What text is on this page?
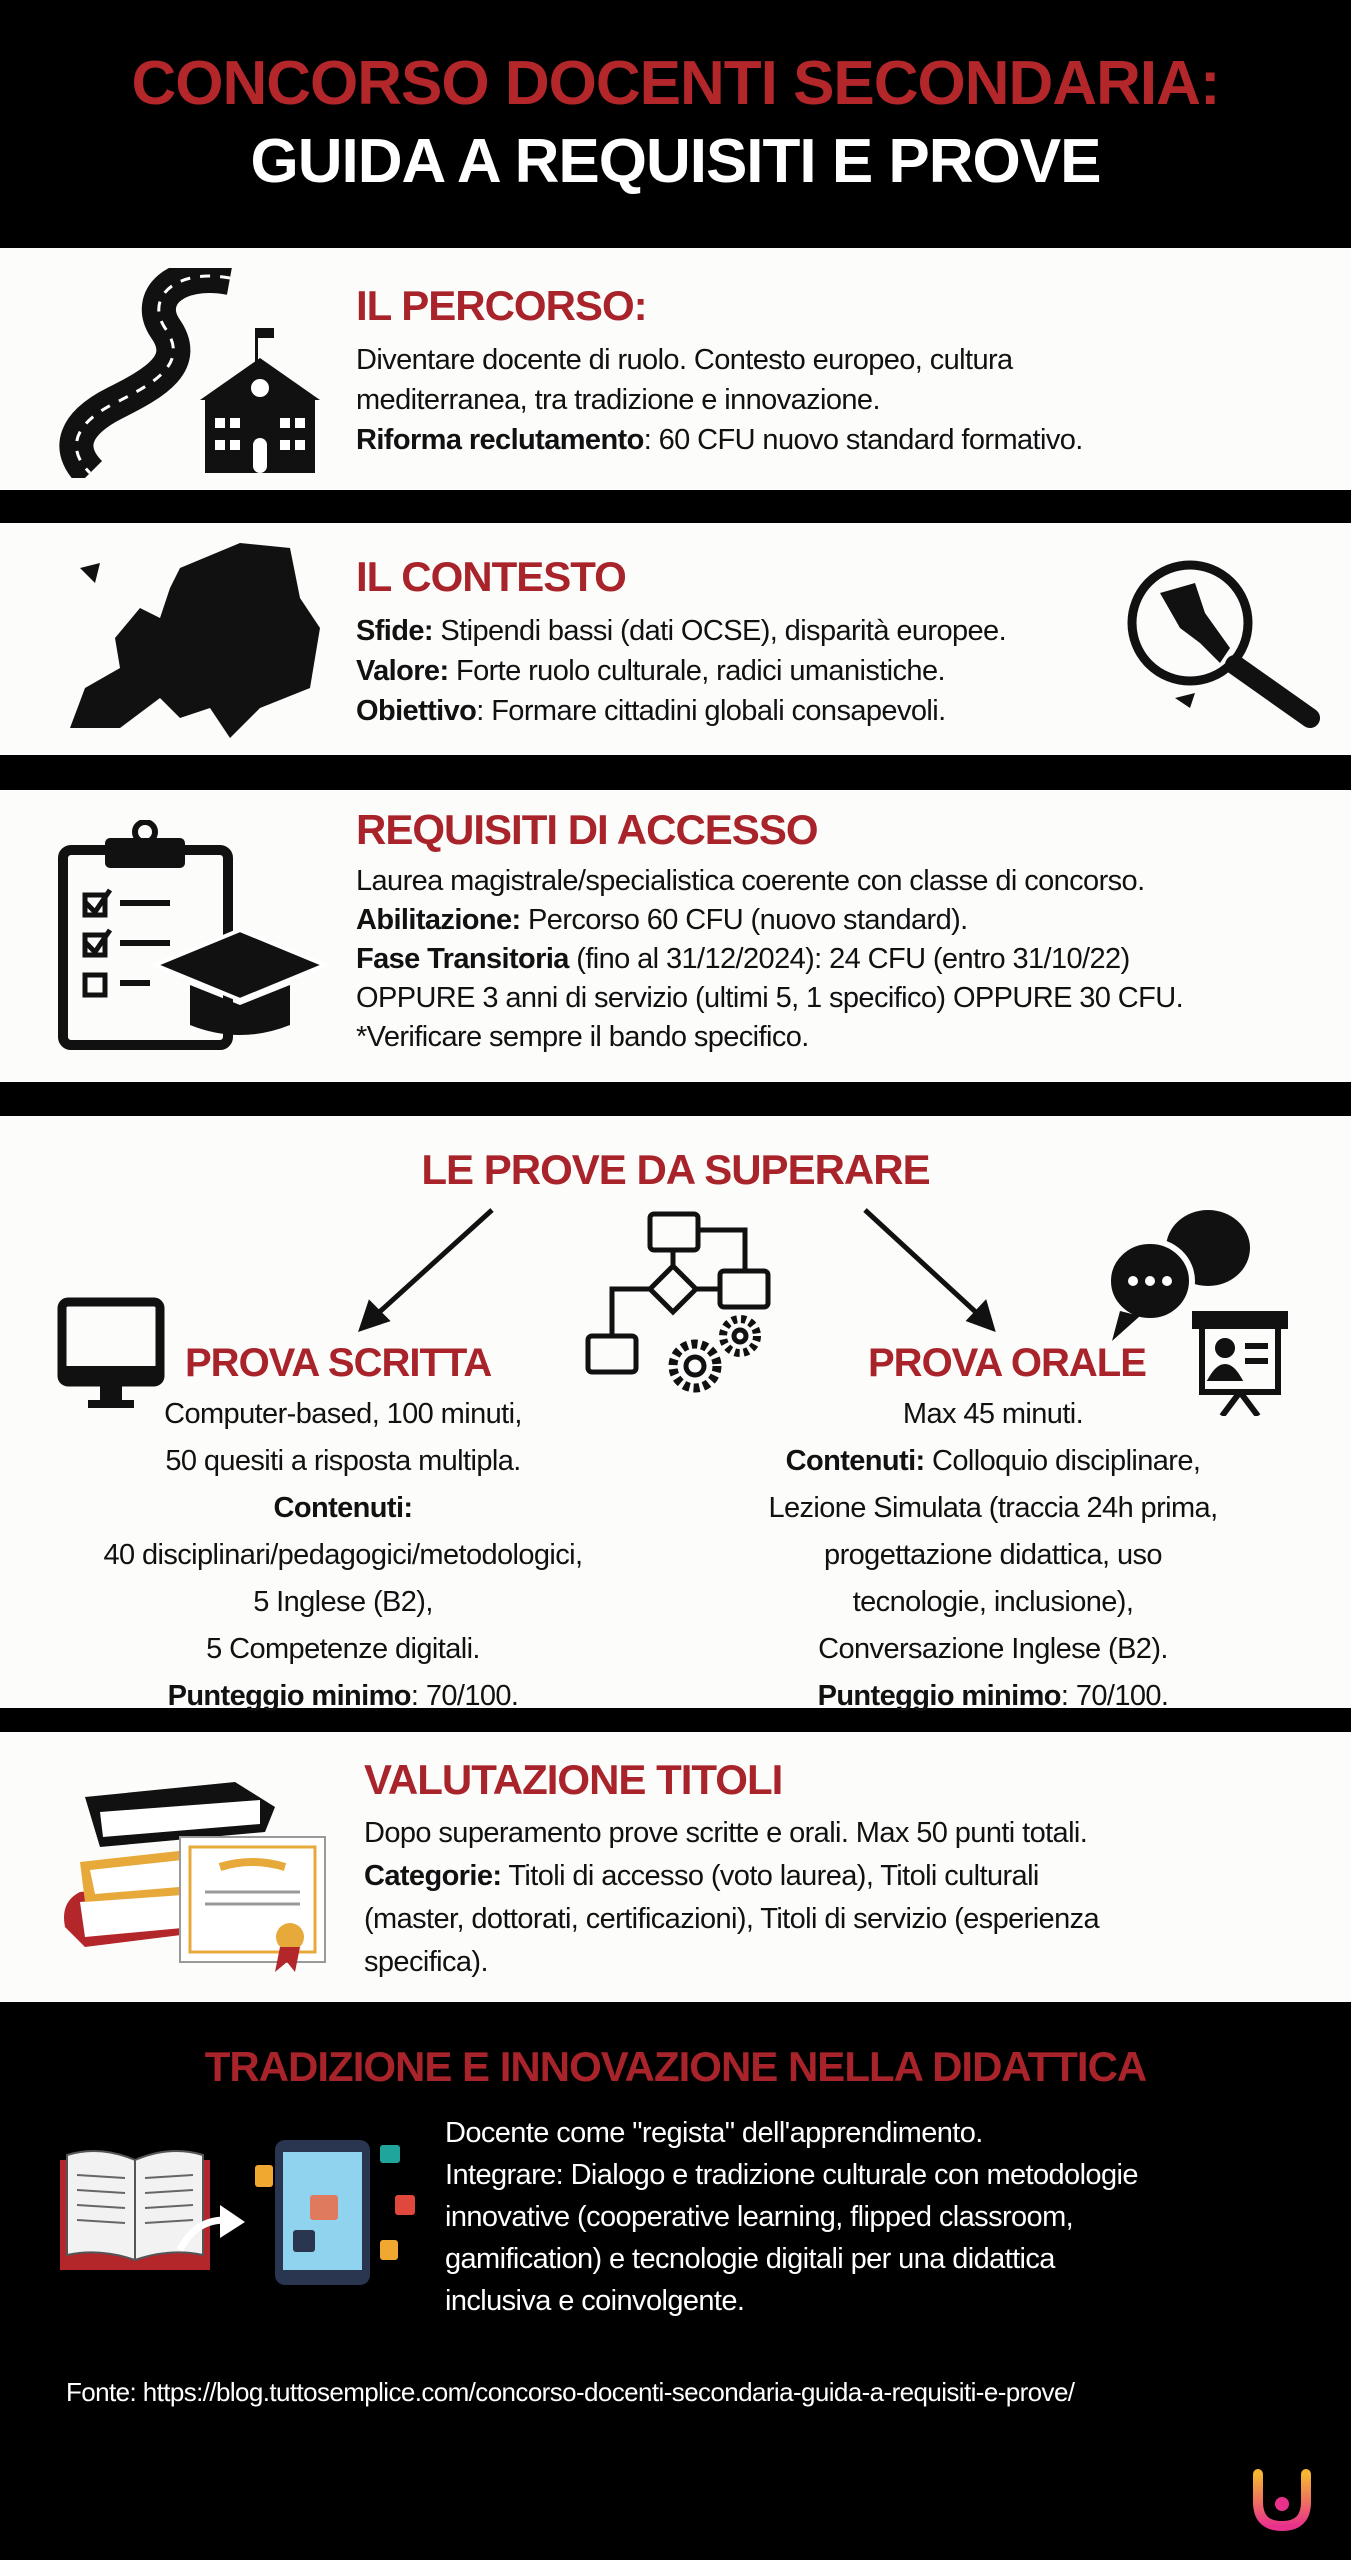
CONCORSO DOCENTI SECONDARIA:
GUIDA A REQUISITI E PROVE
IL PERCORSO:
Diventare docente di ruolo. Contesto europeo, cultura
mediterranea, tra tradizione e innovazione.
Riforma reclutamento: 60 CFU nuovo standard formativo.
IL CONTESTO
Sfide: Stipendi bassi (dati OCSE), disparità europee.
Valore: Forte ruolo culturale, radici umanistiche.
Obiettivo: Formare cittadini globali consapevoli.
REQUISITI DI ACCESSO
Laurea magistrale/specialistica coerente con classe di concorso.
Abilitazione: Percorso 60 CFU (nuovo standard).
Fase Transitoria (fino al 31/12/2024): 24 CFU (entro 31/10/22)
OPPURE 3 anni di servizio (ultimi 5, 1 specifico) OPPURE 30 CFU.
*Verificare sempre il bando specifico.
LE PROVE DA SUPERARE
PROVA SCRITTA	PROVA ORALE
Computer-based, 100 minuti,
50 quesiti a risposta multipla.
Contenuti:
40 disciplinari/pedagogici/metodologici,
5 Inglese (B2),
5 Competenze digitali.
Punteggio minimo: 70/100.
Max 45 minuti.
Contenuti: Colloquio disciplinare,
Lezione Simulata (traccia 24h prima,
progettazione didattica, uso
tecnologie, inclusione),
Conversazione Inglese (B2).
Punteggio minimo: 70/100.
VALUTAZIONE TITOLI
Dopo superamento prove scritte e orali. Max 50 punti totali.
Categorie: Titoli di accesso (voto laurea), Titoli culturali
(master, dottorati, certificazioni), Titoli di servizio (esperienza
specifica).
TRADIZIONE E INNOVAZIONE NELLA DIDATTICA
Docente come "regista" dell'apprendimento.
Integrare: Dialogo e tradizione culturale con metodologie
innovative (cooperative learning, flipped classroom,
gamification) e tecnologie digitali per una didattica
inclusiva e coinvolgente.
Fonte: https://blog.tuttosemplice.com/concorso-docenti-secondaria-guida-a-requisiti-e-prove/
